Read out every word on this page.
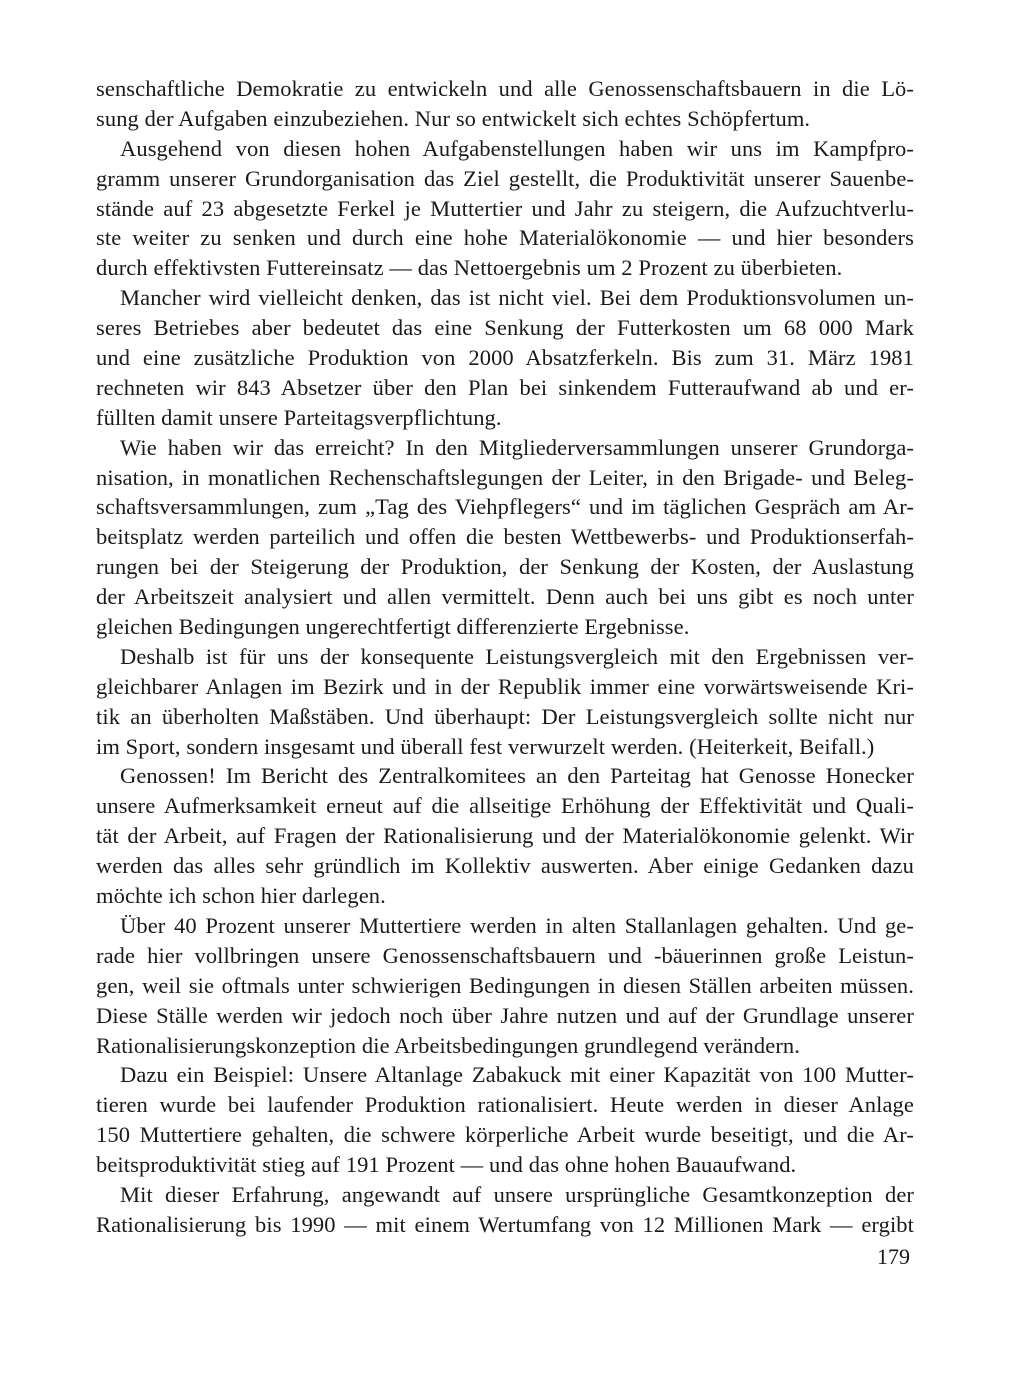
senschaftliche Demokratie zu entwickeln und alle Genossenschaftsbauern in die Lö-
sung der Aufgaben einzubeziehen. Nur so entwickelt sich echtes Schöpfertum.
Ausgehend von diesen hohen Aufgabenstellungen haben wir uns im Kampfpro-
gramm unserer Grundorganisation das Ziel gestellt, die Produktivität unserer Sauenbe-
stände auf 23 abgesetzte Ferkel je Muttertier und Jahr zu steigern, die Aufzuchtverlu-
ste weiter zu senken und durch eine hohe Materialökonomie — und hier besonders
durch effektivsten Futtereinsatz — das Nettoergebnis um 2 Prozent zu überbieten.
Mancher wird vielleicht denken, das ist nicht viel. Bei dem Produktionsvolumen un-
seres Betriebes aber bedeutet das eine Senkung der Futterkosten um 68 000 Mark
und eine zusätzliche Produktion von 2000 Absatzferkeln. Bis zum 31. März 1981
rechneten wir 843 Absetzer über den Plan bei sinkendem Futteraufwand ab und er-
füllten damit unsere Parteitagsverpflichtung.
Wie haben wir das erreicht? In den Mitgliederversammlungen unserer Grundorga-
nisation, in monatlichen Rechenschaftslegungen der Leiter, in den Brigade- und Beleg-
schaftsversammlungen, zum „Tag des Viehpflegers“ und im täglichen Gespräch am Ar-
beitsplatz werden parteilich und offen die besten Wettbewerbs- und Produktionserfah-
rungen bei der Steigerung der Produktion, der Senkung der Kosten, der Auslastung
der Arbeitszeit analysiert und allen vermittelt. Denn auch bei uns gibt es noch unter
gleichen Bedingungen ungerechtfertigt differenzierte Ergebnisse.
Deshalb ist für uns der konsequente Leistungsvergleich mit den Ergebnissen ver-
gleichbarer Anlagen im Bezirk und in der Republik immer eine vorwärtsweisende Kri-
tik an überholten Maßstäben. Und überhaupt: Der Leistungsvergleich sollte nicht nur
im Sport, sondern insgesamt und überall fest verwurzelt werden. (Heiterkeit, Beifall.)
Genossen! Im Bericht des Zentralkomitees an den Parteitag hat Genosse Honecker
unsere Aufmerksamkeit erneut auf die allseitige Erhöhung der Effektivität und Quali-
tät der Arbeit, auf Fragen der Rationalisierung und der Materialökonomie gelenkt. Wir
werden das alles sehr gründlich im Kollektiv auswerten. Aber einige Gedanken dazu
möchte ich schon hier darlegen.
Über 40 Prozent unserer Muttertiere werden in alten Stallanlagen gehalten. Und ge-
rade hier vollbringen unsere Genossenschaftsbauern und -bäuerinnen große Leistun-
gen, weil sie oftmals unter schwierigen Bedingungen in diesen Ställen arbeiten müssen.
Diese Ställe werden wir jedoch noch über Jahre nutzen und auf der Grundlage unserer
Rationalisierungskonzeption die Arbeitsbedingungen grundlegend verändern.
Dazu ein Beispiel: Unsere Altanlage Zabakuck mit einer Kapazität von 100 Mutter-
tieren wurde bei laufender Produktion rationalisiert. Heute werden in dieser Anlage
150 Muttertiere gehalten, die schwere körperliche Arbeit wurde beseitigt, und die Ar-
beitsproduktivität stieg auf 191 Prozent — und das ohne hohen Bauaufwand.
Mit dieser Erfahrung, angewandt auf unsere ursprüngliche Gesamtkonzeption der
Rationalisierung bis 1990 — mit einem Wertumfang von 12 Millionen Mark — ergibt
179
